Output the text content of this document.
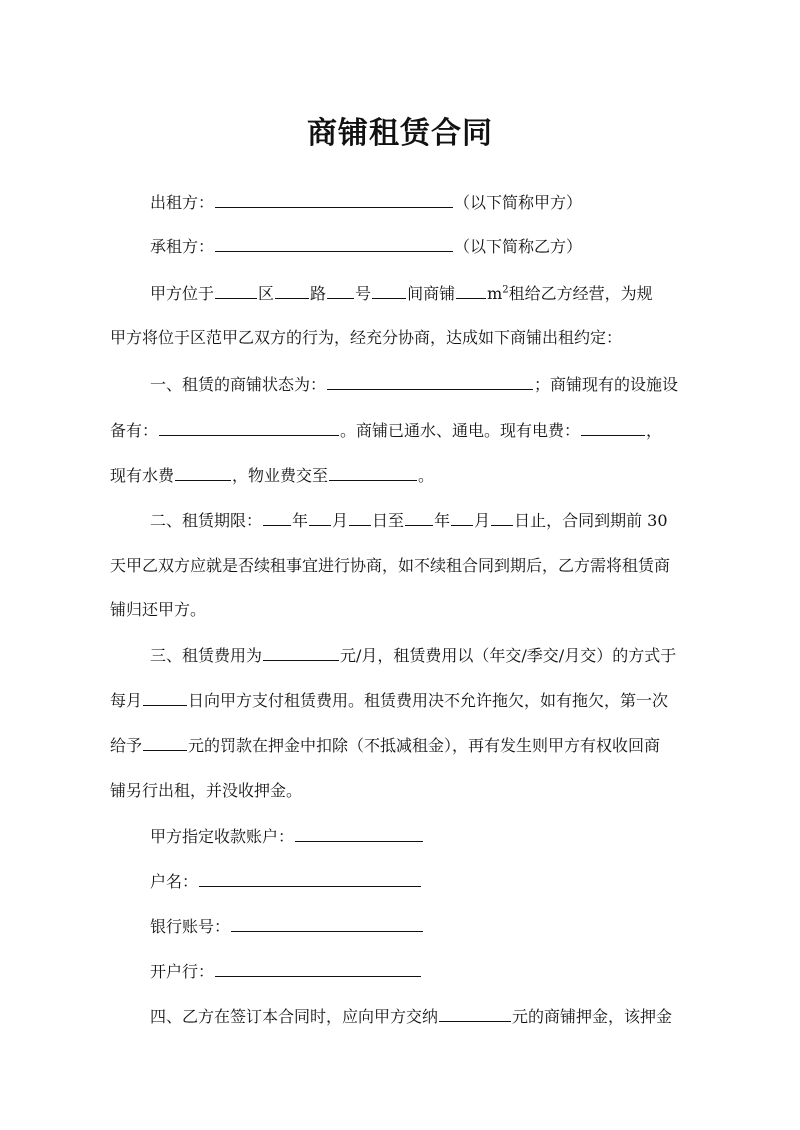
商铺租赁合同
出租方：	（以下简称甲方）
承租方：	（以下简称乙方）
甲方位于	区 路 号 间商铺 $m^2$租给乙方经营，为规
甲方将位于区范甲乙双方的行为，经充分协商，达成如下商铺出租约定：
一、租赁的商铺状态为：	；商铺现有的设施设
备有：	。商铺已通水、通电。现有电费：	，
现有水费	，物业费交至	。
二、租赁期限： 年 月 日至 年 月 日止，合同到期前 30
天甲乙双方应就是否续租事宜进行协商，如不续租合同到期后，乙方需将租赁商
铺归还甲方。
三、租赁费用为	元/月，租赁费用以（年交/季交/月交）的方式于
每月	日向甲方支付租赁费用。租赁费用决不允许拖欠，如有拖欠，第一次
给予	元的罚款在押金中扣除（不抵减租金），再有发生则甲方有权收回商
铺另行出租，并没收押金。
甲方指定收款账户：
户名：
银行账号：
开户行：
四、乙方在签订本合同时，应向甲方交纳	元的商铺押金，该押金
